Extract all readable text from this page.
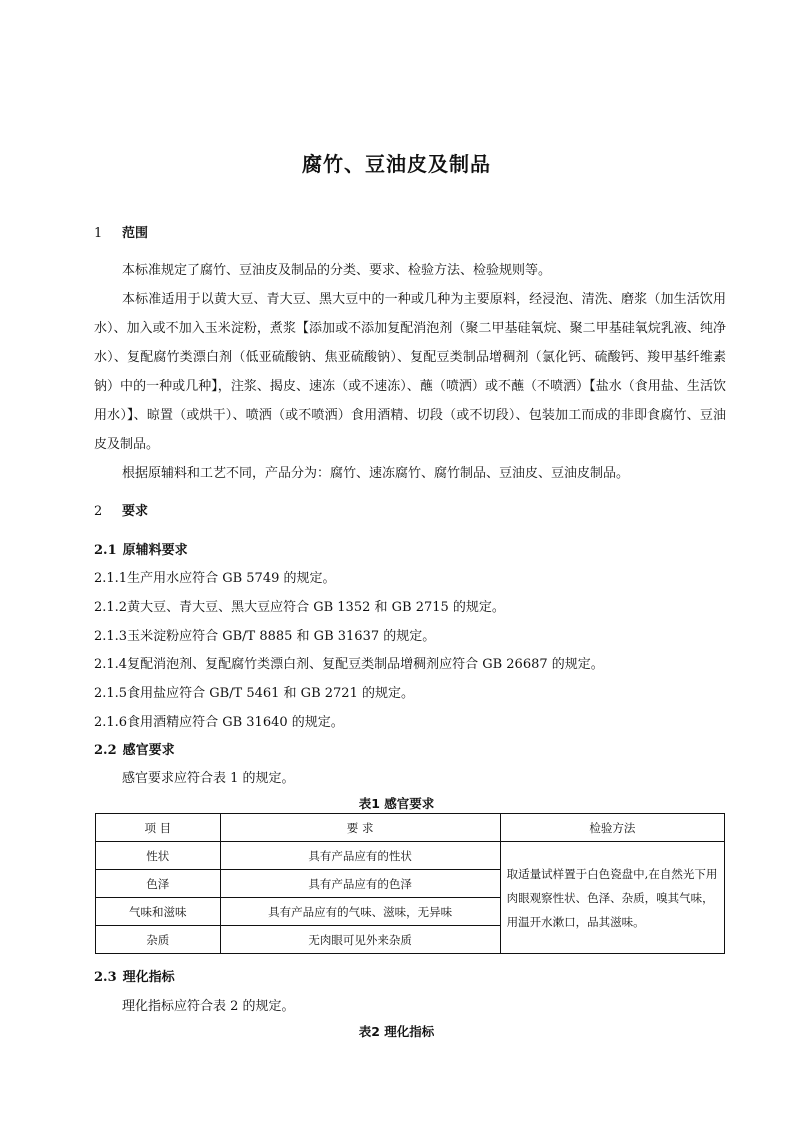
腐竹、豆油皮及制品
1 范围
本标准规定了腐竹、豆油皮及制品的分类、要求、检验方法、检验规则等。
本标准适用于以黄大豆、青大豆、黑大豆中的一种或几种为主要原料，经浸泡、清洗、磨浆（加生活饮用水）、加入或不加入玉米淀粉，煮浆【添加或不添加复配消泡剂（聚二甲基硅氧烷、聚二甲基硅氧烷乳液、纯净水）、复配腐竹类漂白剂（低亚硫酸钠、焦亚硫酸钠）、复配豆类制品增稠剂（氯化钙、硫酸钙、羧甲基纤维素钠）中的一种或几种】，注浆、揭皮、速冻（或不速冻）、蘸（喷洒）或不蘸（不喷洒）【盐水（食用盐、生活饮用水）】、晾置（或烘干）、喷洒（或不喷洒）食用酒精、切段（或不切段）、包装加工而成的非即食腐竹、豆油皮及制品。
根据原辅料和工艺不同，产品分为：腐竹、速冻腐竹、腐竹制品、豆油皮、豆油皮制品。
2 要求
2.1 原辅料要求
2.1.1生产用水应符合 GB 5749 的规定。
2.1.2黄大豆、青大豆、黑大豆应符合 GB 1352 和 GB 2715 的规定。
2.1.3玉米淀粉应符合 GB/T 8885 和 GB 31637 的规定。
2.1.4复配消泡剂、复配腐竹类漂白剂、复配豆类制品增稠剂应符合 GB 26687 的规定。
2.1.5食用盐应符合 GB/T 5461 和 GB 2721 的规定。
2.1.6食用酒精应符合 GB 31640 的规定。
2.2 感官要求
感官要求应符合表 1 的规定。
表1 感官要求
项 目	要 求	检验方法
性状	具有产品应有的性状	取适量试样置于白色瓷盘中,在自然光下用肉眼观察性状、色泽、杂质，嗅其气味，用温开水漱口，品其滋味。
色泽	具有产品应有的色泽	
气味和滋味	具有产品应有的气味、滋味，无异味	
杂质	无肉眼可见外来杂质	
2.3 理化指标
理化指标应符合表 2 的规定。
表2 理化指标
